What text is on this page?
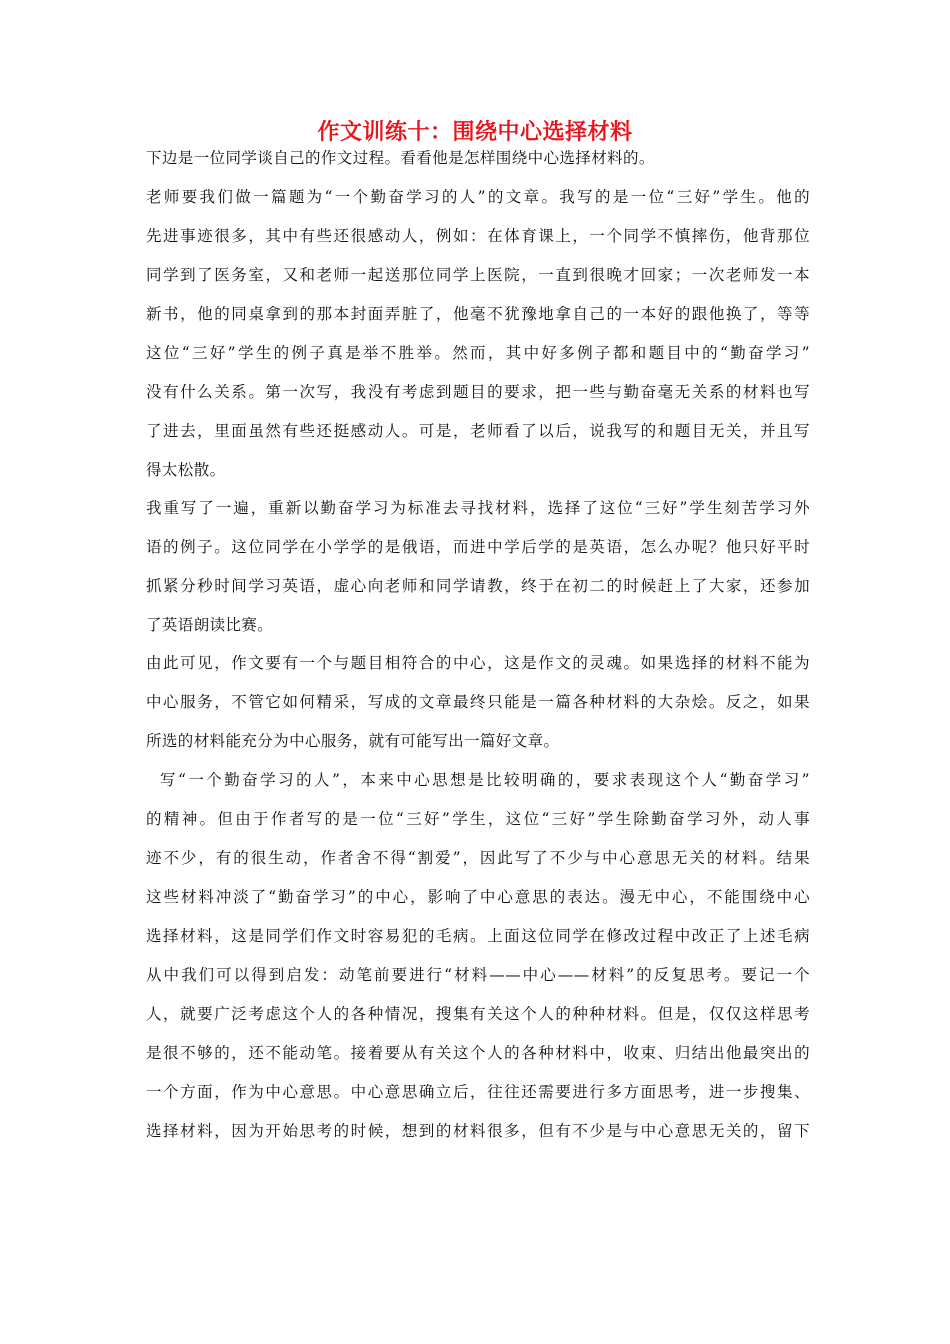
作文训练十：围绕中心选择材料
下边是一位同学谈自己的作文过程。看看他是怎样围绕中心选择材料的。
老师要我们做一篇题为“一个勤奋学习的人”的文章。我写的是一位“三好”学生。他的
先进事迹很多，其中有些还很感动人，例如：在体育课上，一个同学不慎摔伤，他背那位
同学到了医务室，又和老师一起送那位同学上医院，一直到很晚才回家；一次老师发一本
新书，他的同桌拿到的那本封面弄脏了，他毫不犹豫地拿自己的一本好的跟他换了，等等
这位“三好”学生的例子真是举不胜举。然而，其中好多例子都和题目中的“勤奋学习”
没有什么关系。第一次写，我没有考虑到题目的要求，把一些与勤奋毫无关系的材料也写
了进去，里面虽然有些还挺感动人。可是，老师看了以后，说我写的和题目无关，并且写
得太松散。
我重写了一遍，重新以勤奋学习为标准去寻找材料，选择了这位“三好”学生刻苦学习外
语的例子。这位同学在小学学的是俄语，而进中学后学的是英语，怎么办呢？他只好平时
抓紧分秒时间学习英语，虚心向老师和同学请教，终于在初二的时候赶上了大家，还参加
了英语朗读比赛。
由此可见，作文要有一个与题目相符合的中心，这是作文的灵魂。如果选择的材料不能为
中心服务，不管它如何精采，写成的文章最终只能是一篇各种材料的大杂烩。反之，如果
所选的材料能充分为中心服务，就有可能写出一篇好文章。
写“一个勤奋学习的人”，本来中心思想是比较明确的，要求表现这个人“勤奋学习”
的精神。但由于作者写的是一位“三好”学生，这位“三好”学生除勤奋学习外，动人事
迹不少，有的很生动，作者舍不得“割爱”，因此写了不少与中心意思无关的材料。结果
这些材料冲淡了“勤奋学习”的中心，影响了中心意思的表达。漫无中心，不能围绕中心
选择材料，这是同学们作文时容易犯的毛病。上面这位同学在修改过程中改正了上述毛病
从中我们可以得到启发：动笔前要进行“材料——中心——材料”的反复思考。要记一个
人，就要广泛考虑这个人的各种情况，搜集有关这个人的种种材料。但是，仅仅这样思考
是很不够的，还不能动笔。接着要从有关这个人的各种材料中，收束、归结出他最突出的
一个方面，作为中心意思。中心意思确立后，往往还需要进行多方面思考，进一步搜集、
选择材料，因为开始思考的时候，想到的材料很多，但有不少是与中心意思无关的，留下
